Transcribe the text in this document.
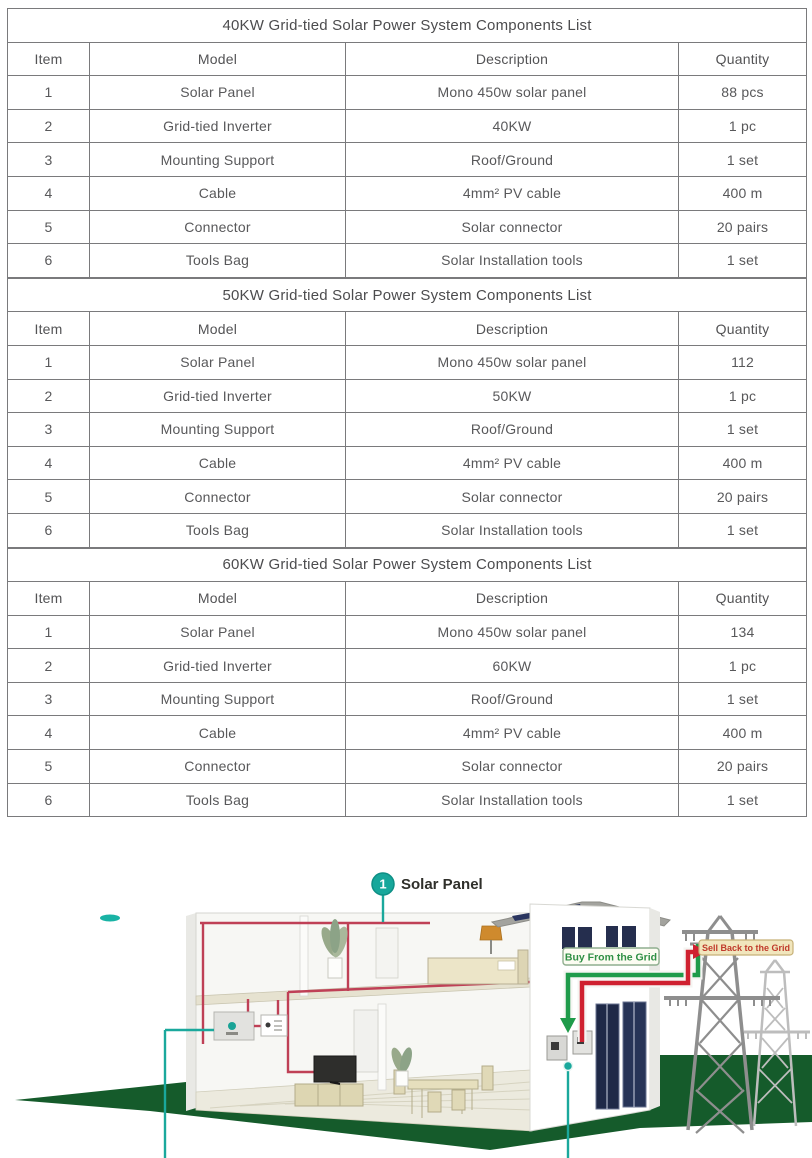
40KW Grid-tied Solar Power System Components List			
Item	Model	Description	Quantity
1	Solar Panel	Mono 450w solar panel	88 pcs
2	Grid-tied Inverter	40KW	1 pc
3	Mounting Support	Roof/Ground	1 set
4	Cable	4mm² PV cable	400 m
5	Connector	Solar connector	20 pairs
6	Tools Bag	Solar Installation tools	1 set
50KW Grid-tied Solar Power System Components List			
Item	Model	Description	Quantity
1	Solar Panel	Mono 450w solar panel	112
2	Grid-tied Inverter	50KW	1 pc
3	Mounting Support	Roof/Ground	1 set
4	Cable	4mm² PV cable	400 m
5	Connector	Solar connector	20 pairs
6	Tools Bag	Solar Installation tools	1 set
60KW Grid-tied Solar Power System Components List			
Item	Model	Description	Quantity
1	Solar Panel	Mono 450w solar panel	134
2	Grid-tied Inverter	60KW	1 pc
3	Mounting Support	Roof/Ground	1 set
4	Cable	4mm² PV cable	400 m
5	Connector	Solar connector	20 pairs
6	Tools Bag	Solar Installation tools	1 set
Buy From the Grid
Sell Back to the Grid
1 Solar Panel
